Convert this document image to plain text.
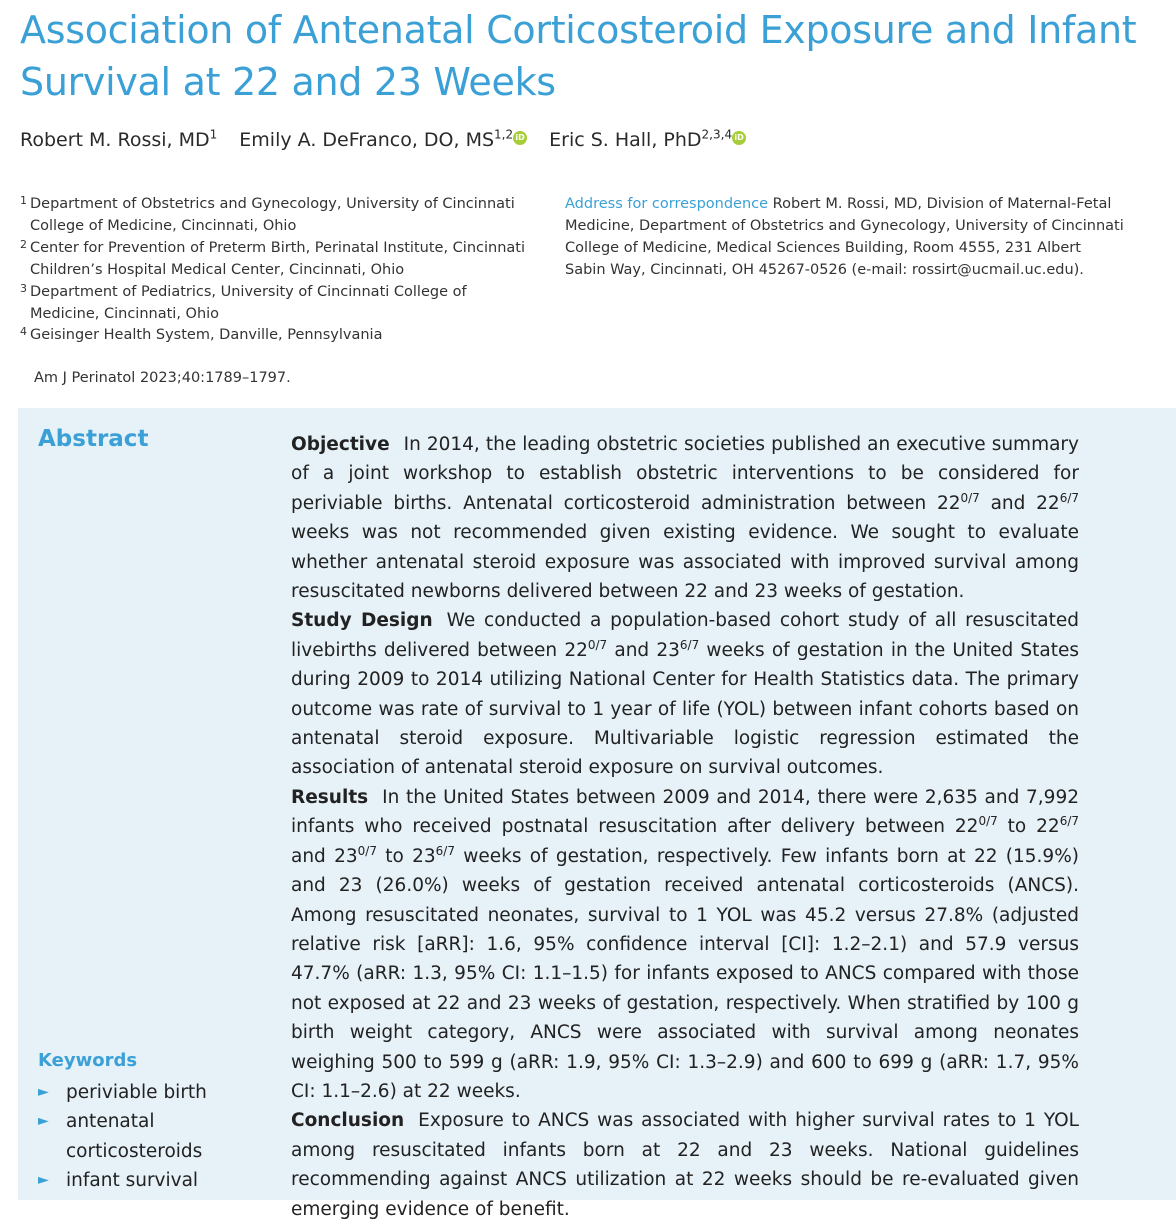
Association of Antenatal Corticosteroid Exposure and Infant Survival at 22 and 23 Weeks
Robert M. Rossi, $MD^1$ Emily A. DeFranco, DO, MS$^{1,2}$ iD Eric S. Hall, PhD$^{2,3,4}$ iD
1 Department of Obstetrics and Gynecology, University of Cincinnati College of Medicine, Cincinnati, Ohio
2 Center for Prevention of Preterm Birth, Perinatal Institute, Cincinnati Children’s Hospital Medical Center, Cincinnati, Ohio
3 Department of Pediatrics, University of Cincinnati College of Medicine, Cincinnati, Ohio
4 Geisinger Health System, Danville, Pennsylvania
Address for correspondence Robert M. Rossi, MD, Division of Maternal-Fetal Medicine, Department of Obstetrics and Gynecology, University of Cincinnati College of Medicine, Medical Sciences Building, Room 4555, 231 Albert Sabin Way, Cincinnati, OH 45267-0526 (e-mail: rossirt@ucmail.uc.edu).
Am J Perinatol 2023;40:1789–1797.
Abstract
Keywords
► periviable birth
► antenatal corticosteroids
► infant survival

Objective In 2014, the leading obstetric societies published an executive summary of a joint workshop to establish obstetric interventions to be considered for periviable births. Antenatal corticosteroid administration between $22^{0/7}$ and $22^{6/7}$ weeks was not recommended given existing evidence. We sought to evaluate whether antenatal steroid exposure was associated with improved survival among resuscitated newborns delivered between 22 and 23 weeks of gestation.

Study Design We conducted a population-based cohort study of all resuscitated livebirths delivered between $22^{0/7}$ and $23^{6/7}$ weeks of gestation in the United States during 2009 to 2014 utilizing National Center for Health Statistics data. The primary outcome was rate of survival to 1 year of life (YOL) between infant cohorts based on antenatal steroid exposure. Multivariable logistic regression estimated the association of antenatal steroid exposure on survival outcomes.

Results In the United States between 2009 and 2014, there were 2,635 and 7,992 infants who received postnatal resuscitation after delivery between $22^{0/7}$ to $22^{6/7}$ and $23^{0/7}$ to $23^{6/7}$ weeks of gestation, respectively. Few infants born at 22 (15.9%) and 23 (26.0%) weeks of gestation received antenatal corticosteroids (ANCS). Among resuscitated neonates, survival to 1 YOL was 45.2 versus 27.8% (adjusted relative risk [aRR]: 1.6, 95% confidence interval [CI]: 1.2–2.1) and 57.9 versus 47.7% (aRR: 1.3, 95% CI: 1.1–1.5) for infants exposed to ANCS compared with those not exposed at 22 and 23 weeks of gestation, respectively. When stratified by 100 g birth weight category, ANCS were associated with survival among neonates weighing 500 to 599 g (aRR: 1.9, 95% CI: 1.3–2.9) and 600 to 699 g (aRR: 1.7, 95% CI: 1.1–2.6) at 22 weeks.

Conclusion Exposure to ANCS was associated with higher survival rates to 1 YOL among resuscitated infants born at 22 and 23 weeks. National guidelines recommending against ANCS utilization at 22 weeks should be re-evaluated given emerging evidence of benefit.
